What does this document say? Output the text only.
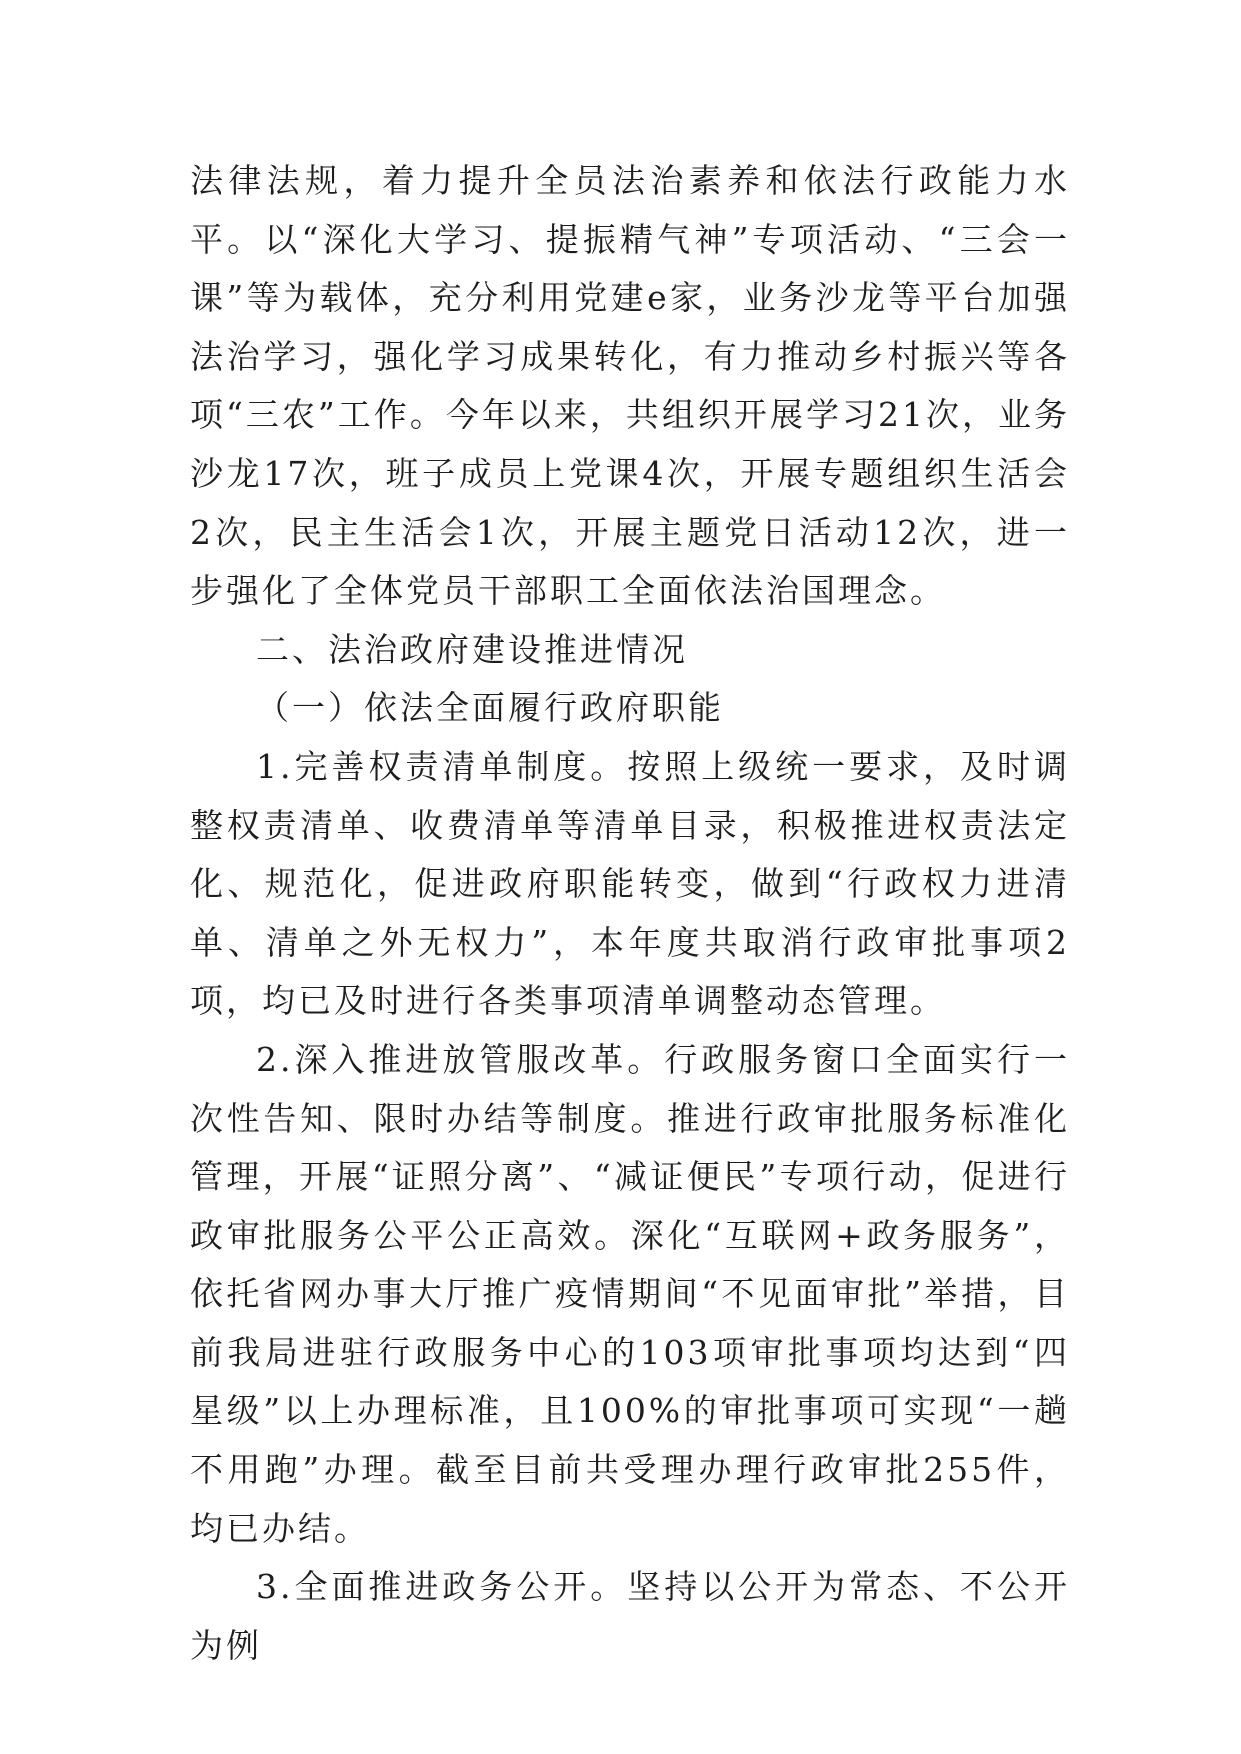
法律法规，着力提升全员法治素养和依法行政能力水平。以“深化大学习、提振精气神”专项活动、“三会一课”等为载体，充分利用党建e家，业务沙龙等平台加强法治学习，强化学习成果转化，有力推动乡村振兴等各项“三农”工作。今年以来，共组织开展学习21次，业务沙龙17次，班子成员上党课4次，开展专题组织生活会2次，民主生活会1次，开展主题党日活动12次，进一步强化了全体党员干部职工全面依法治国理念。

二、法治政府建设推进情况

（一）依法全面履行政府职能

1.完善权责清单制度。按照上级统一要求，及时调整权责清单、收费清单等清单目录，积极推进权责法定化、规范化，促进政府职能转变，做到“行政权力进清单、清单之外无权力”，本年度共取消行政审批事项2项，均已及时进行各类事项清单调整动态管理。

2.深入推进放管服改革。行政服务窗口全面实行一次性告知、限时办结等制度。推进行政审批服务标准化管理，开展“证照分离”、“减证便民”专项行动，促进行政审批服务公平公正高效。深化“互联网+政务服务”，依托省网办事大厅推广疫情期间“不见面审批”举措，目前我局进驻行政服务中心的103项审批事项均达到“四星级”以上办理标准，且100%的审批事项可实现“一趟不用跑”办理。截至目前共受理办理行政审批255件，均已办结。

3.全面推进政务公开。坚持以公开为常态、不公开为例
